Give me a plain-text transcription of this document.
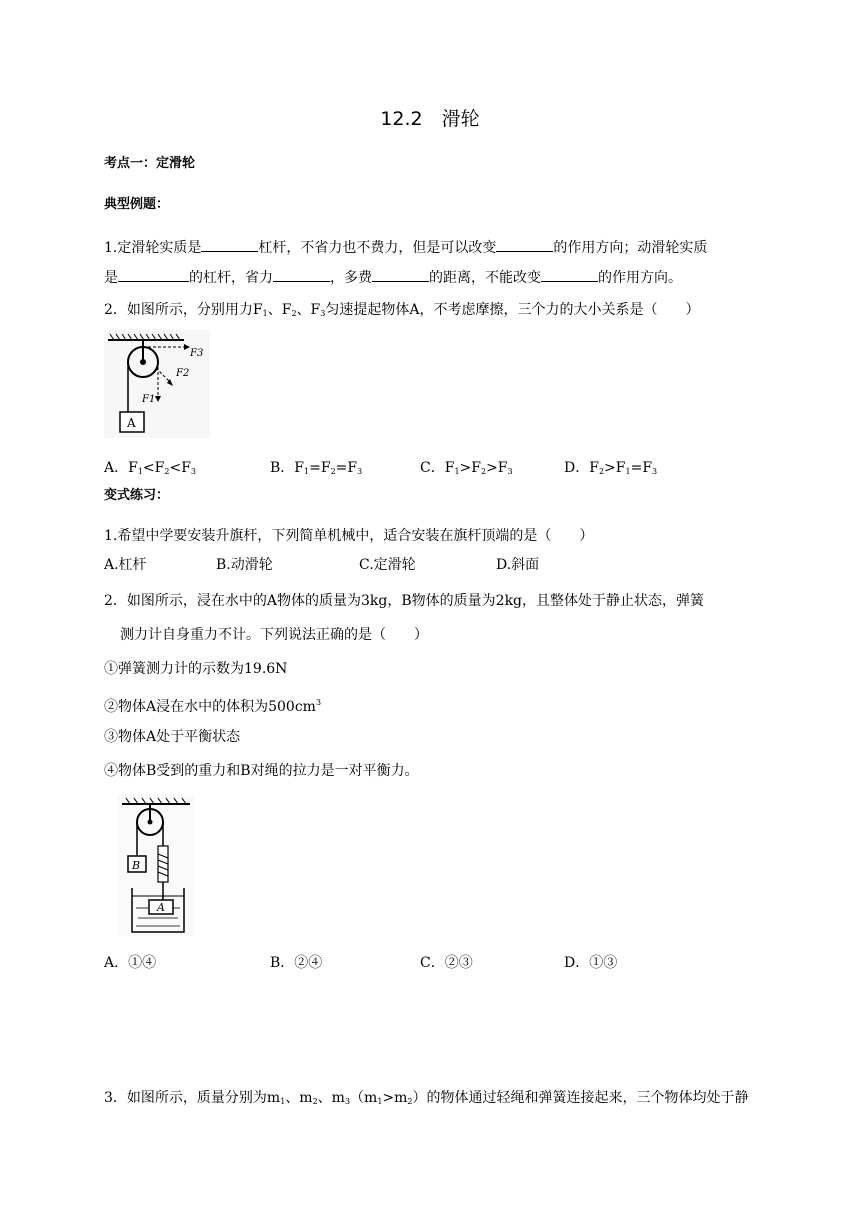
12.2　滑轮
考点一：定滑轮
典型例题：
1.定滑轮实质是	杠杆，不省力也不费力，但是可以改变	的作用方向；动滑轮实质
是	的杠杆，省力	，多费	的距离，不能改变	的作用方向。
2．如图所示，分别用力$F_1$、$F_2$、$F_3$匀速提起物体A，不考虑摩擦，三个力的大小关系是（　　）
A
F3
F2
F1
A．$F_1<F_2<F_3$	B．$F_1=F_2=F_3$	C．$F_1>F_2>F_3$	D．$F_2>F_1=F_3$
变式练习：
1.希望中学要安装升旗杆，下列简单机械中，适合安装在旗杆顶端的是（　　）
A.杠杆	B.动滑轮	C.定滑轮	D.斜面
2．如图所示，浸在水中的A物体的质量为3kg，B物体的质量为2kg，且整体处于静止状态，弹簧
测力计自身重力不计。下列说法正确的是（　　）
①弹簧测力计的示数为19.6N
②物体A浸在水中的体积为$500cm^3$
③物体A处于平衡状态
④物体B受到的重力和B对绳的拉力是一对平衡力。
B
A
A．①④	B．②④	C．②③	D．①③
3．如图所示，质量分别为$m_1$、$m_2$、$m_3(m_1>m_2)$的物体通过轻绳和弹簧连接起来，三个物体均处于静
